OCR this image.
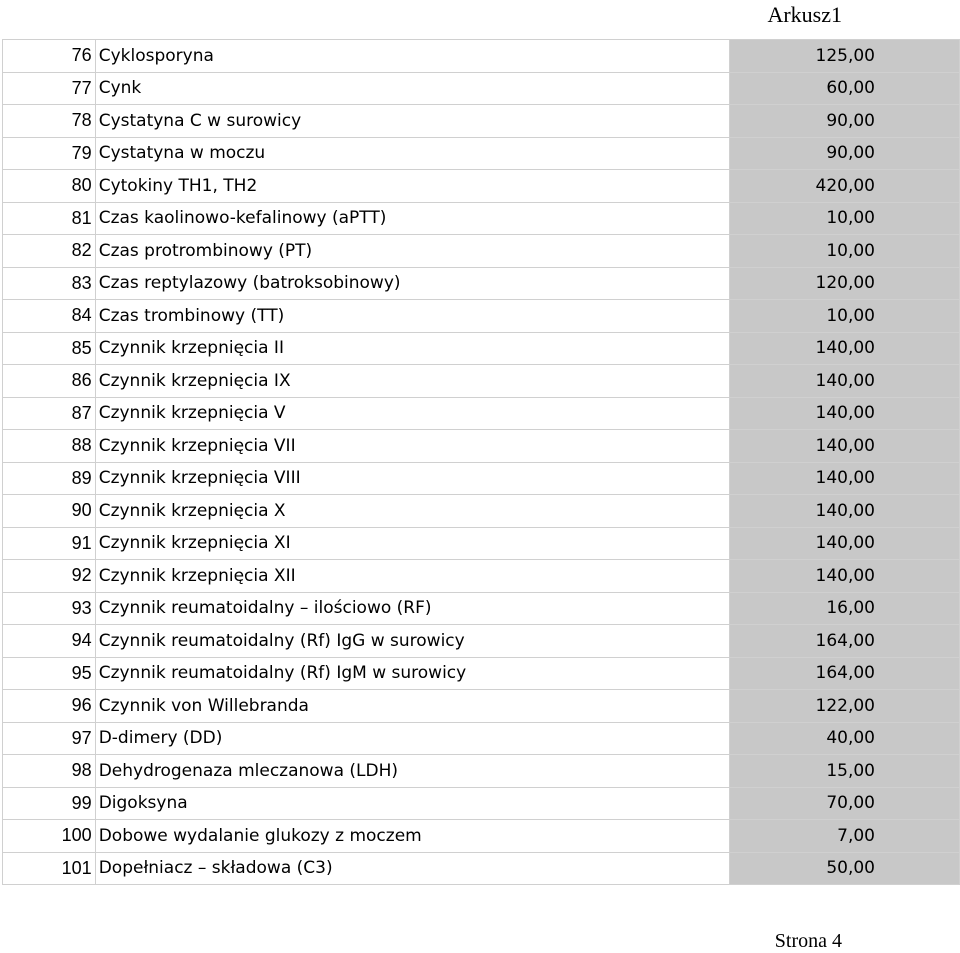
Arkusz1
76	Cyklosporyna	125,00
77	Cynk	60,00
78	Cystatyna C w surowicy	90,00
79	Cystatyna w moczu	90,00
80	Cytokiny TH1, TH2	420,00
81	Czas kaolinowo-kefalinowy (aPTT)	10,00
82	Czas protrombinowy (PT)	10,00
83	Czas reptylazowy (batroksobinowy)	120,00
84	Czas trombinowy (TT)	10,00
85	Czynnik krzepnięcia II	140,00
86	Czynnik krzepnięcia IX	140,00
87	Czynnik krzepnięcia V	140,00
88	Czynnik krzepnięcia VII	140,00
89	Czynnik krzepnięcia VIII	140,00
90	Czynnik krzepnięcia X	140,00
91	Czynnik krzepnięcia XI	140,00
92	Czynnik krzepnięcia XII	140,00
93	Czynnik reumatoidalny – ilościowo (RF)	16,00
94	Czynnik reumatoidalny (Rf) IgG w surowicy	164,00
95	Czynnik reumatoidalny (Rf) IgM w surowicy	164,00
96	Czynnik von Willebranda	122,00
97	D-dimery (DD)	40,00
98	Dehydrogenaza mleczanowa (LDH)	15,00
99	Digoksyna	70,00
100	Dobowe wydalanie glukozy z moczem	7,00
101	Dopełniacz – składowa (C3)	50,00
Strona 4
